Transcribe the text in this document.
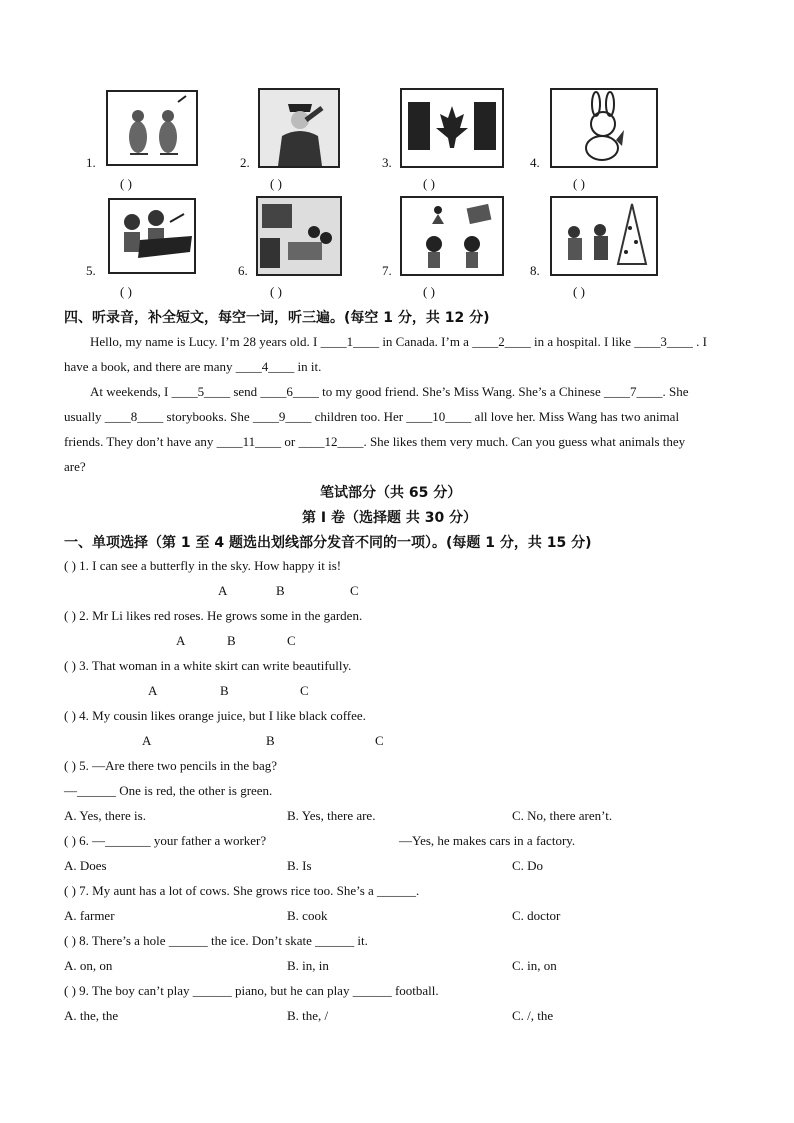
1.
( )
2.
( )
3.
( )
4.
( )
5.
( )
6.
( )
7.
( )
8.
( )
四、听录音，补全短文，每空一词，听三遍。(每空 1 分，共 12 分)
Hello, my name is Lucy. I’m 28 years old. I ____1____ in Canada. I’m a ____2____ in a hospital. I like ____3____ . I
have a book, and there are many ____4____ in it.
At weekends, I ____5____ send ____6____ to my good friend. She’s Miss Wang. She’s a Chinese ____7____. She
usually ____8____ storybooks. She ____9____ children too. Her ____10____ all love her. Miss Wang has two animal
friends. They don’t have any ____11____ or ____12____. She likes them very much. Can you guess what animals they
are?
笔试部分（共 65 分）
第 I 卷（选择题 共 30 分）
一、单项选择（第 1 至 4 题选出划线部分发音不同的一项）。(每题 1 分，共 15 分)
( ) 1. I can see a butterfly in the sky. How happy it is!
A	B	C
( ) 2. Mr Li likes red roses. He grows some in the garden.
A	B	C
( ) 3. That woman in a white skirt can write beautifully.
A	B	C
( ) 4. My cousin likes orange juice, but I like black coffee.
A	B	C
( ) 5. —Are there two pencils in the bag?
—______ One is red, the other is green.
A. Yes, there is.	B. Yes, there are.	C. No, there aren’t.
( ) 6. —_______ your father a worker?	—Yes, he makes cars in a factory.
A. Does	B. Is	C. Do
( ) 7. My aunt has a lot of cows. She grows rice too. She’s a ______.
A. farmer	B. cook	C. doctor
( ) 8. There’s a hole ______ the ice. Don’t skate ______ it.
A. on, on	B. in, in	C. in, on
( ) 9. The boy can’t play ______ piano, but he can play ______ football.
A. the, the	B. the, /	C. /, the
